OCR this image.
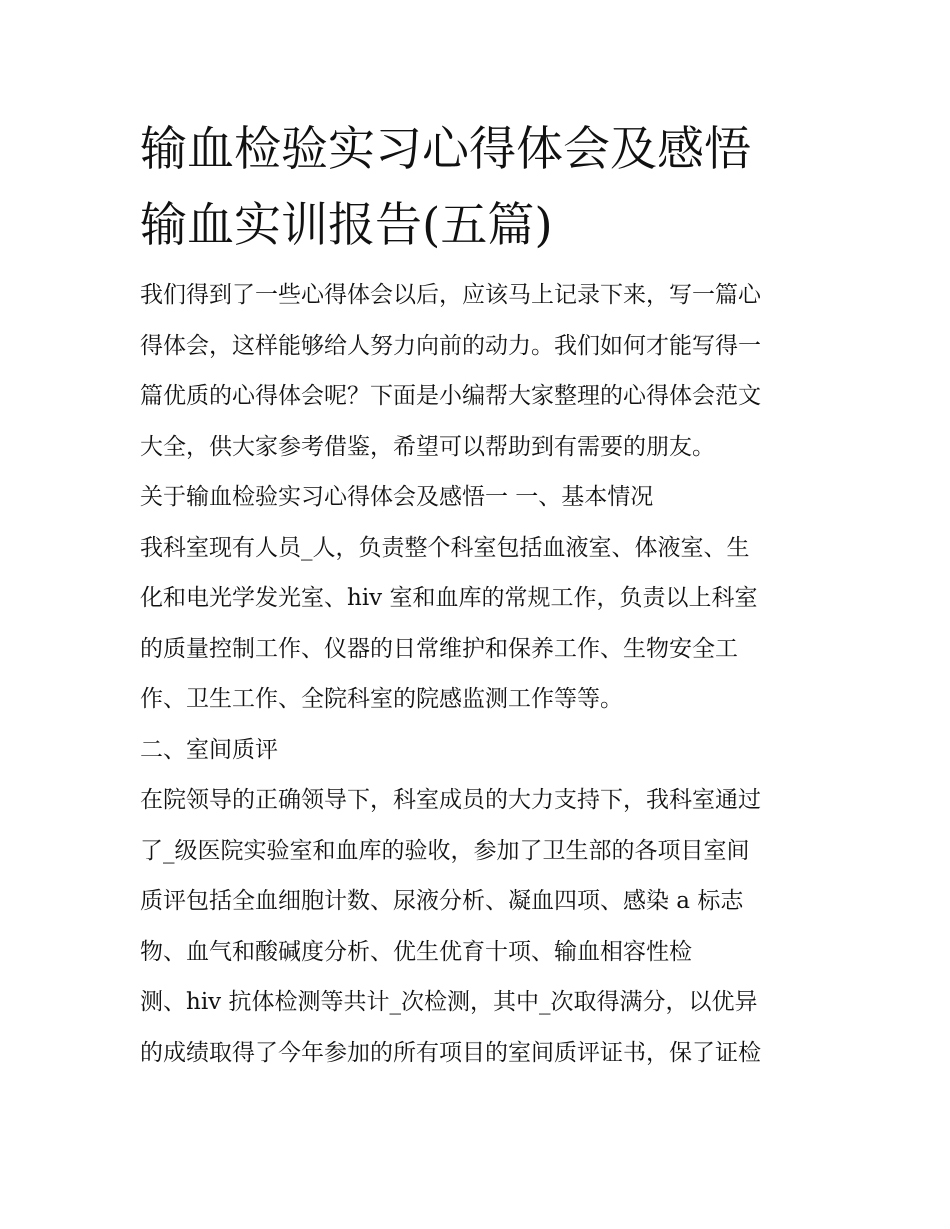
输血检验实习心得体会及感悟
输血实训报告(五篇)

我们得到了一些心得体会以后，应该马上记录下来，写一篇心
得体会，这样能够给人努力向前的动力。我们如何才能写得一
篇优质的心得体会呢？下面是小编帮大家整理的心得体会范文
大全，供大家参考借鉴，希望可以帮助到有需要的朋友。

关于输血检验实习心得体会及感悟一 一、基本情况

我科室现有人员_人，负责整个科室包括血液室、体液室、生
化和电光学发光室、hiv 室和血库的常规工作，负责以上科室
的质量控制工作、仪器的日常维护和保养工作、生物安全工
作、卫生工作、全院科室的院感监测工作等等。

二、室间质评

在院领导的正确领导下，科室成员的大力支持下，我科室通过
了_级医院实验室和血库的验收，参加了卫生部的各项目室间
质评包括全血细胞计数、尿液分析、凝血四项、感染 a 标志
物、血气和酸碱度分析、优生优育十项、输血相容性检
测、hiv 抗体检测等共计_次检测，其中_次取得满分，以优异
的成绩取得了今年参加的所有项目的室间质评证书，保了证检
